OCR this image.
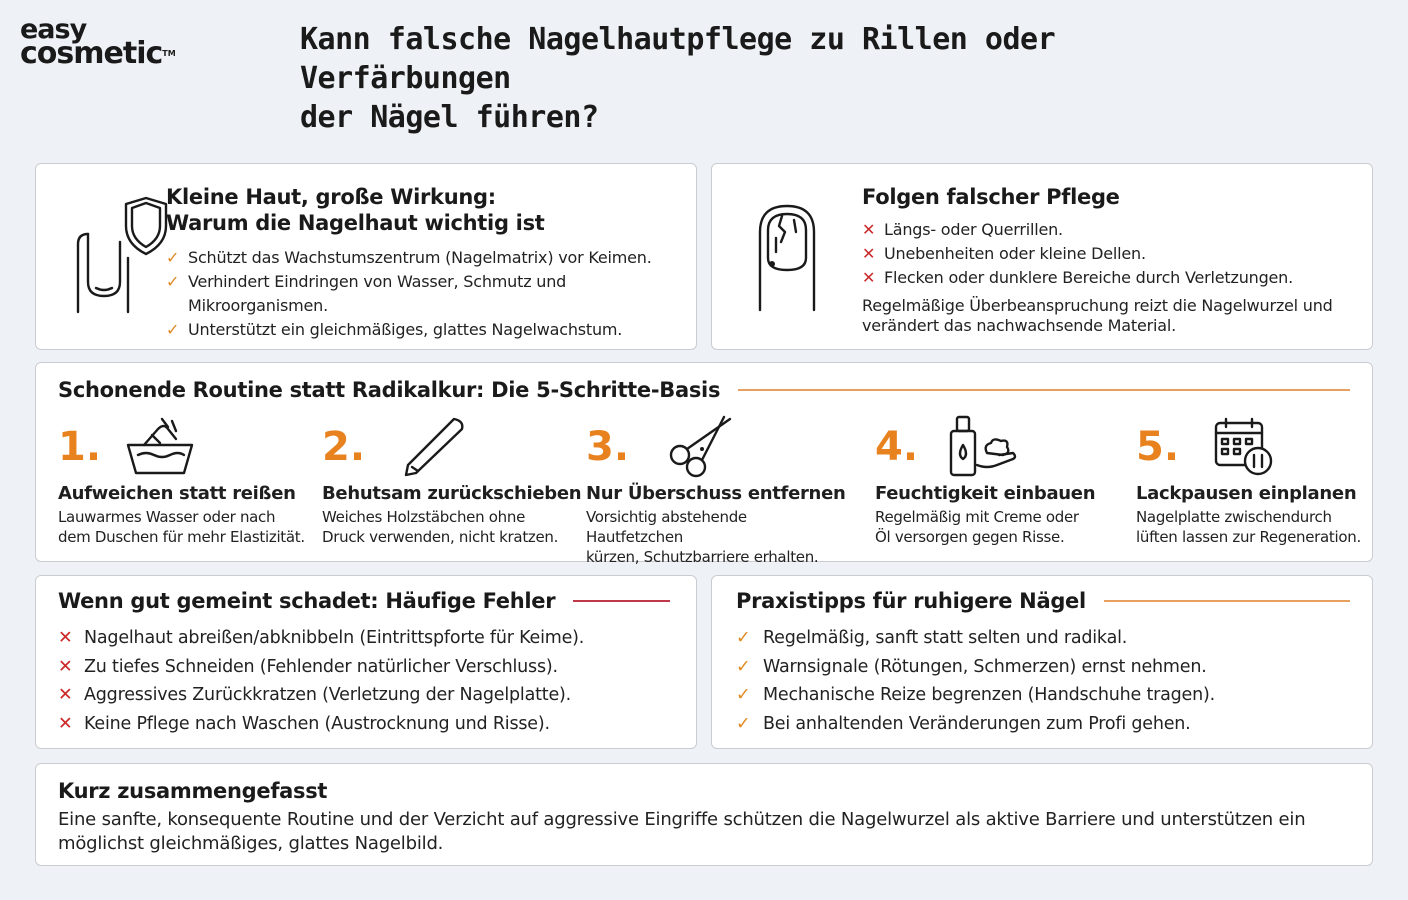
easy
cosmetic™	Kann falsche Nagelhautpflege zu Rillen oder Verfärbungen
der Nägel führen?
Kleine Haut, große Wirkung:
Warum die Nagelhaut wichtig ist
✓ Schützt das Wachstumszentrum (Nagelmatrix) vor Keimen.
✓ Verhindert Eindringen von Wasser, Schmutz und Mikroorganismen.
✓ Unterstützt ein gleichmäßiges, glattes Nagelwachstum.
Folgen falscher Pflege
✕ Längs- oder Querrillen.
✕ Unebenheiten oder kleine Dellen.
✕ Flecken oder dunklere Bereiche durch Verletzungen.

Regelmäßige Überbeanspruchung reizt die Nagelwurzel und verändert das nachwachsende Material.

Schonende Routine statt Radikalkur: Die 5-Schritte-Basis
1.
Aufweichen statt reißen
Lauwarmes Wasser oder nach
dem Duschen für mehr Elastizität.
2.
Behutsam zurückschieben
Weiches Holzstäbchen ohne
Druck verwenden, nicht kratzen.
3.
Nur Überschuss entfernen
Vorsichtig abstehende Hautfetzchen
kürzen, Schutzbarriere erhalten.
4.
Feuchtigkeit einbauen
Regelmäßig mit Creme oder
Öl versorgen gegen Risse.
5.
Lackpausen einplanen
Nagelplatte zwischendurch
lüften lassen zur Regeneration.
Wenn gut gemeint schadet: Häufige Fehler
✕ Nagelhaut abreißen/abknibbeln (Eintrittspforte für Keime).
✕ Zu tiefes Schneiden (Fehlender natürlicher Verschluss).
✕ Aggressives Zurückkratzen (Verletzung der Nagelplatte).
✕ Keine Pflege nach Waschen (Austrocknung und Risse).
Praxistipps für ruhigere Nägel
✓ Regelmäßig, sanft statt selten und radikal.
✓ Warnsignale (Rötungen, Schmerzen) ernst nehmen.
✓ Mechanische Reize begrenzen (Handschuhe tragen).
✓ Bei anhaltenden Veränderungen zum Profi gehen.
Kurz zusammengefasst

Eine sanfte, konsequente Routine und der Verzicht auf aggressive Eingriffe schützen die Nagelwurzel als aktive Barriere und unterstützen ein möglichst gleichmäßiges, glattes Nagelbild.
